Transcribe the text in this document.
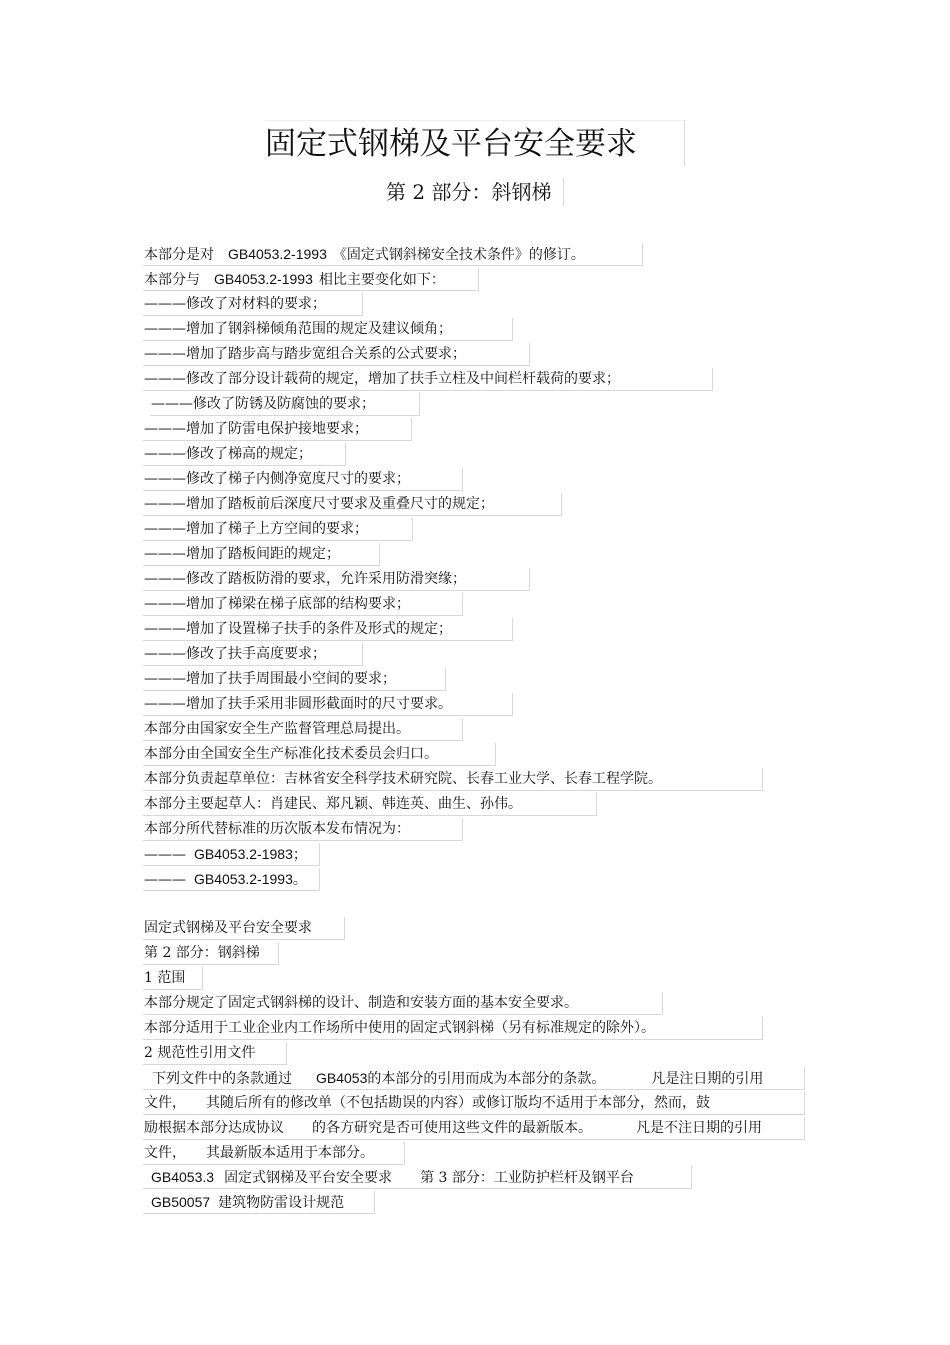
固定式钢梯及平台安全要求
第 2 部分：斜钢梯
本部分是对 GB4053.2-1993 《固定式钢斜梯安全技术条件》的修订。
本部分与 GB4053.2-1993 相比主要变化如下：
———修改了对材料的要求；
———增加了钢斜梯倾角范围的规定及建议倾角；
———增加了踏步高与踏步宽组合关系的公式要求；
———修改了部分设计载荷的规定，增加了扶手立柱及中间栏杆载荷的要求；
———修改了防锈及防腐蚀的要求；
———增加了防雷电保护接地要求；
———修改了梯高的规定；
———修改了梯子内侧净宽度尺寸的要求；
———增加了踏板前后深度尺寸要求及重叠尺寸的规定；
———增加了梯子上方空间的要求；
———增加了踏板间距的规定；
———修改了踏板防滑的要求，允许采用防滑突缘；
———增加了梯梁在梯子底部的结构要求；
———增加了设置梯子扶手的条件及形式的规定；
———修改了扶手高度要求；
———增加了扶手周围最小空间的要求；
———增加了扶手采用非圆形截面时的尺寸要求。
本部分由国家安全生产监督管理总局提出。
本部分由全国安全生产标准化技术委员会归口。
本部分负责起草单位：吉林省安全科学技术研究院、长春工业大学、长春工程学院。
本部分主要起草人：肖建民、郑凡颖、韩连英、曲生、孙伟。
本部分所代替标准的历次版本发布情况为：
——— GB4053.2-1983；
——— GB4053.2-1993。
固定式钢梯及平台安全要求
第 2 部分：钢斜梯
1 范围
本部分规定了固定式钢斜梯的设计、制造和安装方面的基本安全要求。
本部分适用于工业企业内工作场所中使用的固定式钢斜梯（另有标准规定的除外）。
2 规范性引用文件
下列文件中的条款通过 GB4053的本部分的引用而成为本部分的条款。	凡是注日期的引用
文件， 其随后所有的修改单（不包括勘误的内容）或修订版均不适用于本部分，然而，鼓
励根据本部分达成协议 的各方研究是否可使用这些文件的最新版本。	凡是不注日期的引用
文件， 其最新版本适用于本部分。
GB4053.3 固定式钢梯及平台安全要求 第 3 部分：工业防护栏杆及钢平台
GB50057 建筑物防雷设计规范
